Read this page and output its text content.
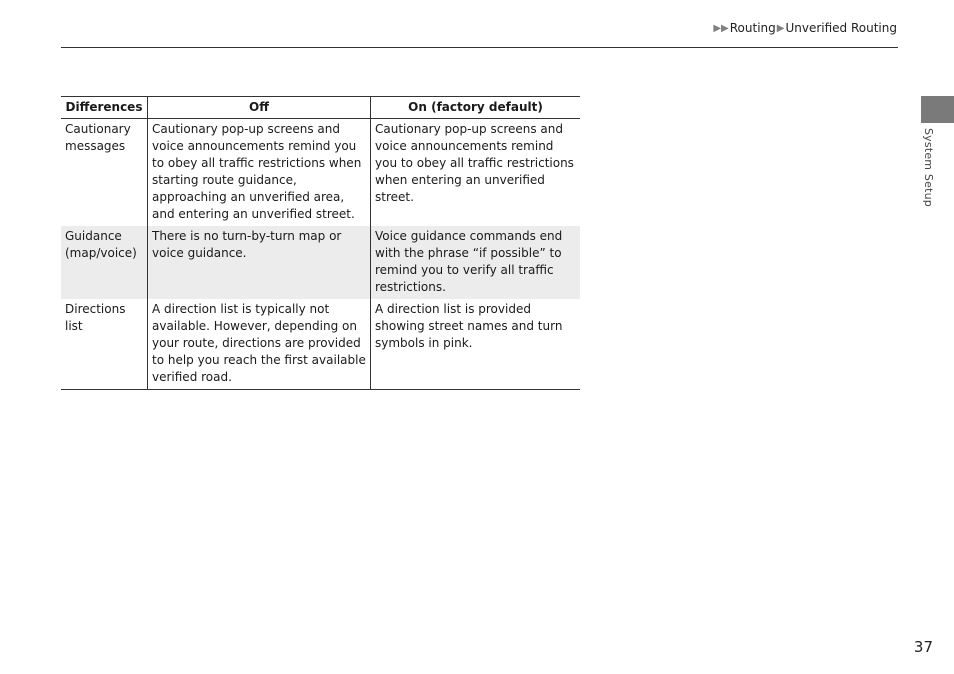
▶▶ Routing ▶ Unverified Routing
Differences	Off	On (factory default)
Cautionary messages	Cautionary pop-up screens and voice announcements remind you to obey all traffic restrictions when starting route guidance, approaching an unverified area, and entering an unverified street.	Cautionary pop-up screens and voice announcements remind you to obey all traffic restrictions when entering an unverified street.
Guidance (map/voice)	There is no turn-by-turn map or voice guidance.	Voice guidance commands end with the phrase “if possible” to remind you to verify all traffic restrictions.
Directions list	A direction list is typically not available. However, depending on your route, directions are provided to help you reach the first available verified road.	A direction list is provided showing street names and turn symbols in pink.
System Setup
37
